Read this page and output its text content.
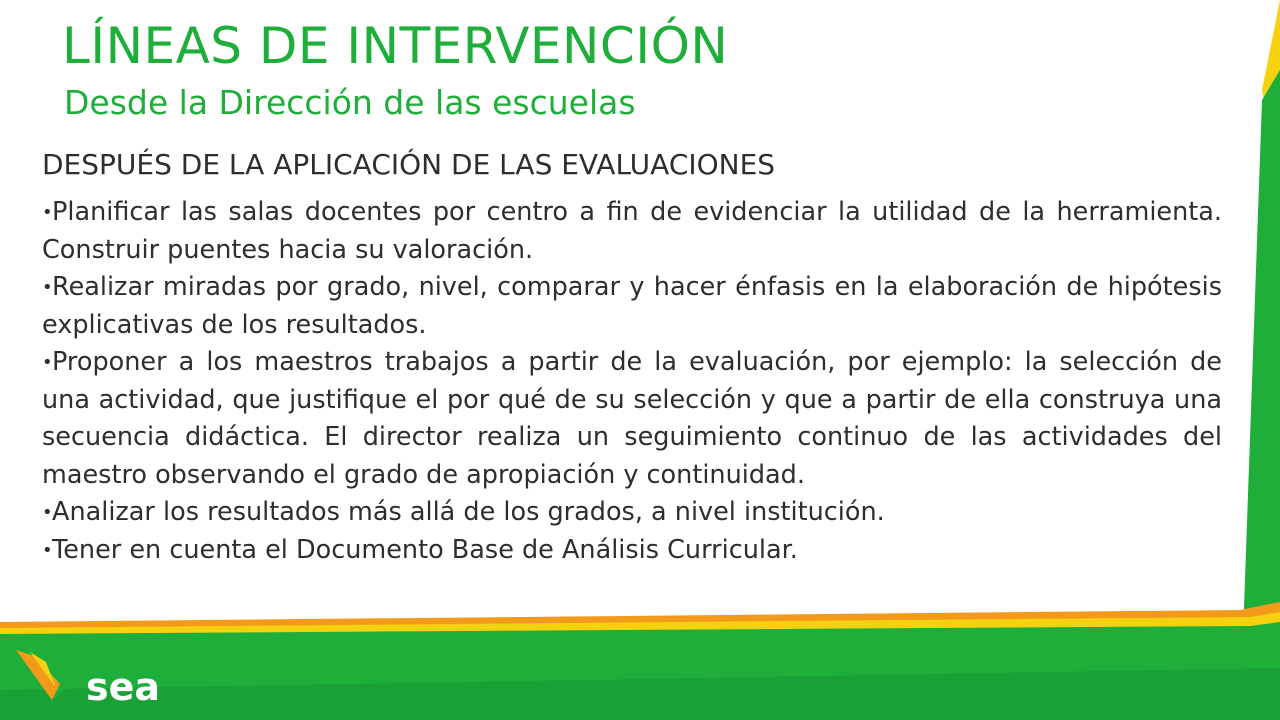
LÍNEAS DE INTERVENCIÓN
Desde la Dirección de las escuelas
DESPUÉS DE LA APLICACIÓN DE LAS EVALUACIONES
•Planificar las salas docentes por centro a fin de evidenciar la utilidad de la herramienta. Construir puentes hacia su valoración.
•Realizar miradas por grado, nivel, comparar y hacer énfasis en la elaboración de hipótesis explicativas de los resultados.
•Proponer a los maestros trabajos a partir de la evaluación, por ejemplo: la selección de una actividad, que justifique el por qué de su selección y que a partir de ella construya una secuencia didáctica. El director realiza un seguimiento continuo de las actividades del maestro observando el grado de apropiación y continuidad.
•Analizar los resultados más allá de los grados, a nivel institución.
•Tener en cuenta el Documento Base de Análisis Curricular.
sea
